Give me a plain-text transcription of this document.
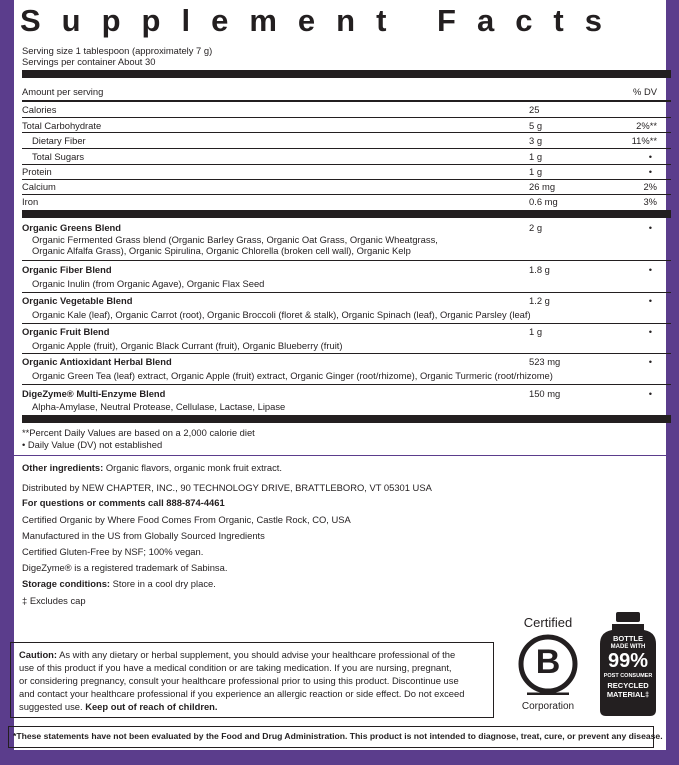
Supplement Facts
Serving size 1 tablespoon (approximately 7 g)
Servings per container About 30
Amount per serving	% DV
Calories	25
Total Carbohydrate	5 g	2%**
Dietary Fiber	3 g	11%**
Total Sugars	1 g	•
Protein	1 g	•
Calcium	26 mg	2%
Iron	0.6 mg	3%
Organic Greens Blend	2 g	•
Organic Fermented Grass blend (Organic Barley Grass, Organic Oat Grass, Organic Wheatgrass,
Organic Alfalfa Grass), Organic Spirulina, Organic Chlorella (broken cell wall), Organic Kelp
Organic Fiber Blend	1.8 g	•
Organic Inulin (from Organic Agave), Organic Flax Seed
Organic Vegetable Blend	1.2 g	•
Organic Kale (leaf), Organic Carrot (root), Organic Broccoli (floret & stalk), Organic Spinach (leaf), Organic Parsley (leaf)
Organic Fruit Blend	1 g	•
Organic Apple (fruit), Organic Black Currant (fruit), Organic Blueberry (fruit)
Organic Antioxidant Herbal Blend	523 mg	•
Organic Green Tea (leaf) extract, Organic Apple (fruit) extract, Organic Ginger (root/rhizome), Organic Turmeric (root/rhizome)
DigeZyme® Multi-Enzyme Blend	150 mg	•
Alpha-Amylase, Neutral Protease, Cellulase, Lactase, Lipase
**Percent Daily Values are based on a 2,000 calorie diet
• Daily Value (DV) not established
Other ingredients: Organic flavors, organic monk fruit extract.
Distributed by NEW CHAPTER, INC., 90 TECHNOLOGY DRIVE, BRATTLEBORO, VT 05301 USA
For questions or comments call 888-874-4461
Certified Organic by Where Food Comes From Organic, Castle Rock, CO, USA
Manufactured in the US from Globally Sourced Ingredients
Certified Gluten-Free by NSF; 100% vegan.
DigeZyme® is a registered trademark of Sabinsa.
Storage conditions: Store in a cool dry place.
‡ Excludes cap
Certified
B
Corporation
BOTTLE
MADE WITH
99%
POST CONSUMER
RECYCLED
MATERIAL‡
Caution: As with any dietary or herbal supplement, you should advise your healthcare professional of the
use of this product if you have a medical condition or are taking medication. If you are nursing, pregnant,
or considering pregnancy, consult your healthcare professional prior to using this product. Discontinue use
and contact your healthcare professional if you experience an allergic reaction or side effect. Do not exceed
suggested use. Keep out of reach of children.
*These statements have not been evaluated by the Food and Drug Administration. This product is not intended to diagnose, treat, cure, or prevent any disease.
